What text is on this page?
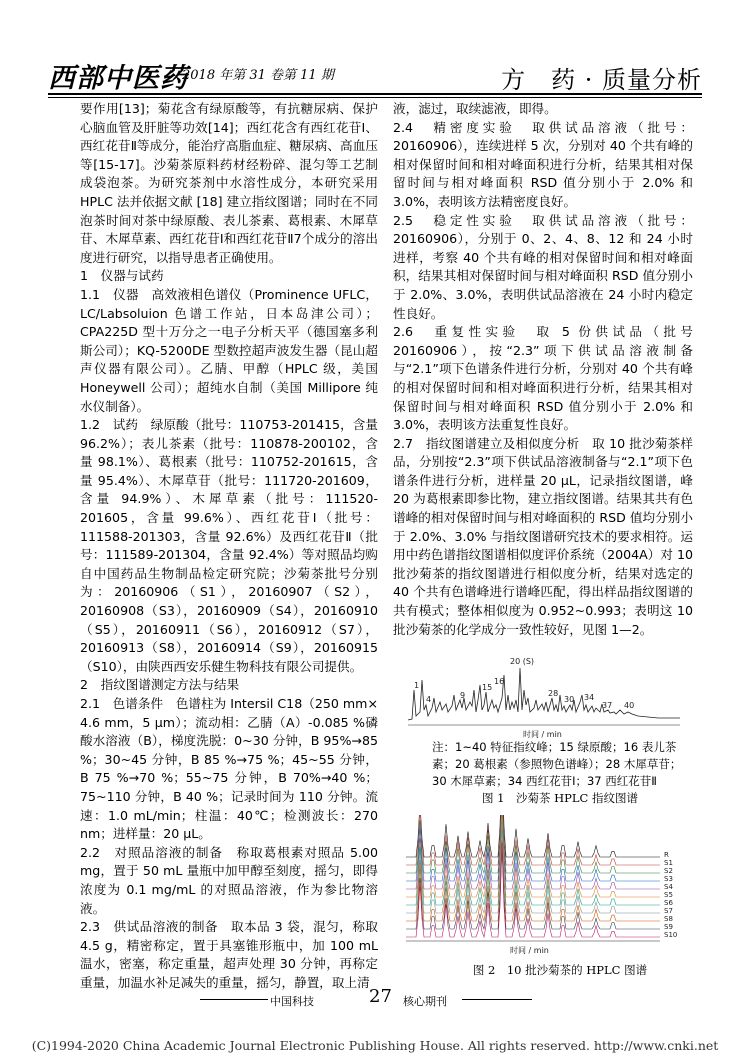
西部中医药
2018 年第 31 卷第 11 期	方　药 · 质量分析

要作用[13]；菊花含有绿原酸等，有抗糖尿病、保护心脑血管及肝脏等功效[14]；西红花含有西红花苷Ⅰ、西红花苷Ⅱ等成分，能治疗高脂血症、糖尿病、高血压等[15-17]。沙菊茶原料药材经粉碎、混匀等工艺制成袋泡茶。为研究茶剂中水溶性成分，本研究采用 HPLC 法并依据文献 [18] 建立指纹图谱；同时在不同泡茶时间对茶中绿原酸、表儿茶素、葛根素、木犀草苷、木犀草素、西红花苷Ⅰ和西红花苷Ⅱ7个成分的溶出度进行研究，以指导患者正确使用。

1　仪器与试药

1.1　仪器　高效液相色谱仪（Prominence UFLC，LC/Labsoluion 色谱工作站，日本岛津公司）；CPA225D 型十万分之一电子分析天平（德国塞多利斯公司）；KQ-5200DE 型数控超声波发生器（昆山超声仪器有限公司）。乙腈、甲醇（HPLC 级，美国 Honeywell 公司）；超纯水自制（美国 Millipore 纯水仪制备）。

1.2　试药　绿原酸（批号：110753-201415，含量 96.2%）；表儿茶素（批号：110878-200102，含量 98.1%）、葛根素（批号：110752-201615，含量 95.4%）、木犀草苷（批号：111720-201609，含量 94.9%）、木犀草素（批号：111520-201605，含量 99.6%）、西红花苷Ⅰ（批号：111588-201303，含量 92.6%）及西红花苷Ⅱ（批号：111589-201304，含量 92.4%）等对照品均购自中国药品生物制品检定研究院；沙菊茶批号分别为：20160906（S1），20160907（S2），20160908（S3），20160909（S4），20160910（S5），20160911（S6），20160912（S7），20160913（S8），20160914（S9），20160915（S10），由陕西西安乐健生物科技有限公司提供。

2　指纹图谱测定方法与结果

2.1　色谱条件　色谱柱为 Intersil C18（250 mm× 4.6 mm，5 μm）；流动相：乙腈（A）-0.085 %磷酸水溶液（B），梯度洗脱：0~30 分钟，B 95%→85 %；30~45 分钟，B 85 %→75 %；45~55 分钟，B 75 %→70 %；55~75 分钟，B 70%→40 %；75~110 分钟，B 40 %；记录时间为 110 分钟。流速：1.0 mL/min；柱温：40℃；检测波长：270 nm；进样量：20 μL。

2.2　对照品溶液的制备　称取葛根素对照品 5.00 mg，置于 50 mL 量瓶中加甲醇至刻度，摇匀，即得浓度为 0.1 mg/mL 的对照品溶液，作为参比物溶液。

2.3　供试品溶液的制备　取本品 3 袋，混匀，称取 4.5 g，精密称定，置于具塞锥形瓶中，加 100 mL 温水，密塞，称定重量，超声处理 30 分钟，再称定重量，加温水补足减失的重量，摇匀，静置，取上清

液，滤过，取续滤液，即得。

2.4　精密度实验　取供试品溶液（批号：20160906），连续进样 5 次，分别对 40 个共有峰的相对保留时间和相对峰面积进行分析，结果其相对保留时间与相对峰面积 RSD 值分别小于 2.0% 和 3.0%，表明该方法精密度良好。

2.5　稳定性实验　取供试品溶液（批号：20160906），分别于 0、2、4、8、12 和 24 小时进样，考察 40 个共有峰的相对保留时间和相对峰面积，结果其相对保留时间与相对峰面积 RSD 值分别小于 2.0%、3.0%，表明供试品溶液在 24 小时内稳定性良好。

2.6　重复性实验　取 5 份供试品（批号 20160906），按“2.3”项下供试品溶液制备与“2.1”项下色谱条件进行分析，分别对 40 个共有峰的相对保留时间和相对峰面积进行分析，结果其相对保留时间与相对峰面积 RSD 值分别小于 2.0% 和 3.0%，表明该方法重复性良好。

2.7　指纹图谱建立及相似度分析　取 10 批沙菊茶样品，分别按“2.3”项下供试品溶液制备与“2.1”项下色谱条件进行分析，进样量 20 μL，记录指纹图谱，峰 20 为葛根素即参比物，建立指纹图谱。结果其共有色谱峰的相对保留时间与相对峰面积的 RSD 值均分别小于 2.0%、3.0% 与指纹图谱研究技术的要求相符。运用中药色谱指纹图谱相似度评价系统（2004A）对 10 批沙菊茶的指纹图谱进行相似度分析，结果对选定的 40 个共有色谱峰进行谱峰匹配，得出样品指纹图谱的共有模式；整体相似度为 0.952~0.993；表明这 10 批沙菊茶的化学成分一致性较好，见图 1—2。

1
4	9
15
16
20 (S)
28
30 34
37 40
时间 / min
注：1~40 特征指纹峰；15 绿原酸；16 表儿茶素；20 葛根素（参照物色谱峰）；28 木犀草苷；30 木犀草素；34 西红花苷Ⅰ；37 西红花苷Ⅱ
图 1　沙菊茶 HPLC 指纹图谱
R
S1
S2
S3
S4
S5
S6
S7
S8
S9
S10
时间 / min
图 2　10 批沙菊茶的 HPLC 图谱
中国科技	27 核心期刊
(C)1994-2020 China Academic Journal Electronic Publishing House. All rights reserved. http://www.cnki.net
